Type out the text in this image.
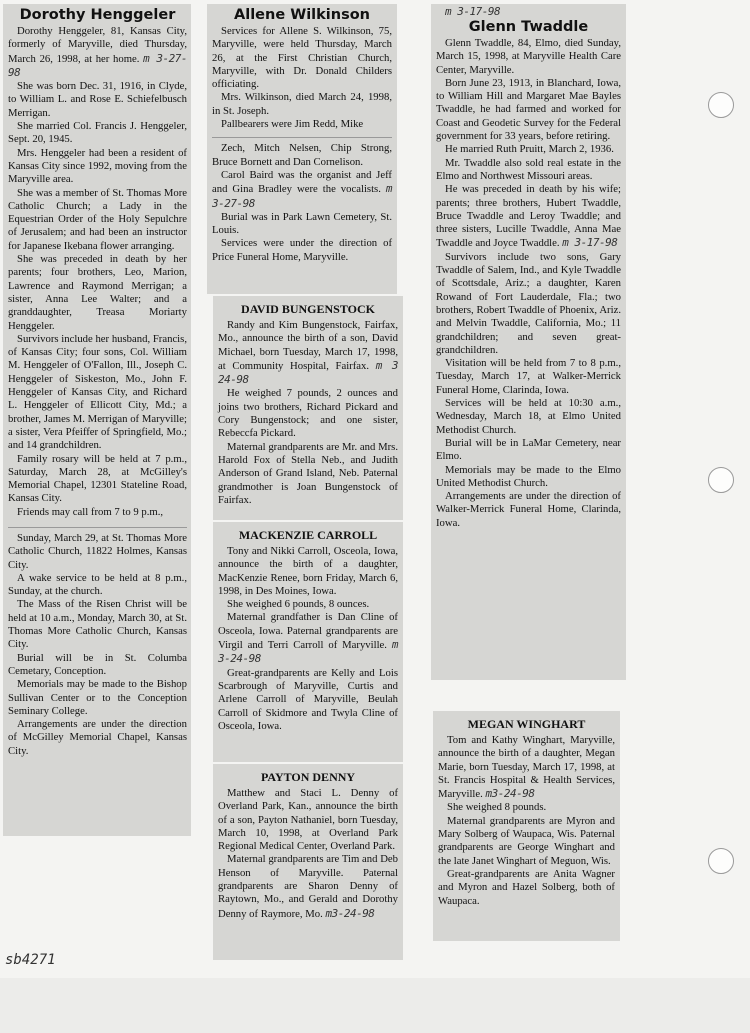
Dorothy Henggeler

Dorothy Henggeler, 81, Kansas City, formerly of Maryville, died Thursday, March 26, 1998, at her home. m 3-27-98

She was born Dec. 31, 1916, in Clyde, to William L. and Rose E. Schiefelbusch Merrigan.

She married Col. Francis J. Henggeler, Sept. 20, 1945.

Mrs. Henggeler had been a resident of Kansas City since 1992, moving from the Maryville area.

She was a member of St. Thomas More Catholic Church; a Lady in the Equestrian Order of the Holy Sepulchre of Jerusalem; and had been an instructor for Japanese Ikebana flower arranging.

She was preceded in death by her parents; four brothers, Leo, Marion, Lawrence and Raymond Merrigan; a sister, Anna Lee Walter; and a granddaughter, Treasa Moriarty Henggeler.

Survivors include her husband, Francis, of Kansas City; four sons, Col. William M. Henggeler of O'Fallon, Ill., Joseph C. Henggeler of Siskeston, Mo., John F. Henggeler of Kansas City, and Richard L. Henggeler of Ellicott City, Md.; a brother, James M. Merrigan of Maryville; a sister, Vera Pfeiffer of Springfield, Mo.; and 14 grandchildren.

Family rosary will be held at 7 p.m., Saturday, March 28, at McGilley's Memorial Chapel, 12301 Stateline Road, Kansas City.

Friends may call from 7 to 9 p.m.,

Sunday, March 29, at St. Thomas More Catholic Church, 11822 Holmes, Kansas City.

A wake service to be held at 8 p.m., Sunday, at the church.

The Mass of the Risen Christ will be held at 10 a.m., Monday, March 30, at St. Thomas More Catholic Church, Kansas City.

Burial will be in St. Columba Cemetary, Conception.

Memorials may be made to the Bishop Sullivan Center or to the Conception Seminary College.

Arrangements are under the direction of McGilley Memorial Chapel, Kansas City.

Allene Wilkinson

Services for Allene S. Wilkinson, 75, Maryville, were held Thursday, March 26, at the First Christian Church, Maryville, with Dr. Donald Childers officiating.

Mrs. Wilkinson, died March 24, 1998, in St. Joseph.

Pallbearers were Jim Redd, Mike

Zech, Mitch Nelsen, Chip Strong, Bruce Bornett and Dan Cornelison.

Carol Baird was the organist and Jeff and Gina Bradley were the vocalists. m 3-27-98

Burial was in Park Lawn Cemetery, St. Louis.

Services were under the direction of Price Funeral Home, Maryville.

DAVID BUNGENSTOCK

Randy and Kim Bungenstock, Fairfax, Mo., announce the birth of a son, David Michael, born Tuesday, March 17, 1998, at Community Hospital, Fairfax. m 3 24-98

He weighed 7 pounds, 2 ounces and joins two brothers, Richard Pickard and Cory Bungenstock; and one sister, Rebeccfa Pickard.

Maternal grandparents are Mr. and Mrs. Harold Fox of Stella Neb., and Judith Anderson of Grand Island, Neb. Paternal grandmother is Joan Bungenstock of Fairfax.

MACKENZIE CARROLL

Tony and Nikki Carroll, Osceola, Iowa, announce the birth of a daughter, MacKenzie Renee, born Friday, March 6, 1998, in Des Moines, Iowa.

She weighed 6 pounds, 8 ounces.

Maternal grandfather is Dan Cline of Osceola, Iowa. Paternal grandparents are Virgil and Terri Carroll of Maryville. m 3-24-98

Great-grandparents are Kelly and Lois Scarbrough of Maryville, Curtis and Arlene Carroll of Maryville, Beulah Carroll of Skidmore and Twyla Cline of Osceola, Iowa.

PAYTON DENNY

Matthew and Staci L. Denny of Overland Park, Kan., announce the birth of a son, Payton Nathaniel, born Tuesday, March 10, 1998, at Overland Park Regional Medical Center, Overland Park.

Maternal grandparents are Tim and Deb Henson of Maryville. Paternal grandparents are Sharon Denny of Raytown, Mo., and Gerald and Dorothy Denny of Raymore, Mo. m3-24-98

m 3-17-98

Glenn Twaddle

Glenn Twaddle, 84, Elmo, died Sunday, March 15, 1998, at Maryville Health Care Center, Maryville.

Born June 23, 1913, in Blanchard, Iowa, to William Hill and Margaret Mae Bayles Twaddle, he had farmed and worked for Coast and Geodetic Survey for the Federal government for 33 years, before retiring.

He married Ruth Pruitt, March 2, 1936.

Mr. Twaddle also sold real estate in the Elmo and Northwest Missouri areas.

He was preceded in death by his wife; parents; three brothers, Hubert Twaddle, Bruce Twaddle and Leroy Twaddle; and three sisters, Lucille Twaddle, Anna Mae Twaddle and Joyce Twaddle. m 3-17-98

Survivors include two sons, Gary Twaddle of Salem, Ind., and Kyle Twaddle of Scottsdale, Ariz.; a daughter, Karen Rowand of Fort Lauderdale, Fla.; two brothers, Robert Twaddle of Phoenix, Ariz. and Melvin Twaddle, California, Mo.; 11 grandchildren; and seven great-grandchildren.

Visitation will be held from 7 to 8 p.m., Tuesday, March 17, at Walker-Merrick Funeral Home, Clarinda, Iowa.

Services will be held at 10:30 a.m., Wednesday, March 18, at Elmo United Methodist Church.

Burial will be in LaMar Cemetery, near Elmo.

Memorials may be made to the Elmo United Methodist Church.

Arrangements are under the direction of Walker-Merrick Funeral Home, Clarinda, Iowa.

MEGAN WINGHART

Tom and Kathy Winghart, Maryville, announce the birth of a daughter, Megan Marie, born Tuesday, March 17, 1998, at St. Francis Hospital & Health Services, Maryville. m3-24-98

She weighed 8 pounds.

Maternal grandparents are Myron and Mary Solberg of Waupaca, Wis. Paternal grandparents are George Winghart and the late Janet Winghart of Meguon, Wis.

Great-grandparents are Anita Wagner and Myron and Hazel Solberg, both of Waupaca.

sb4271
